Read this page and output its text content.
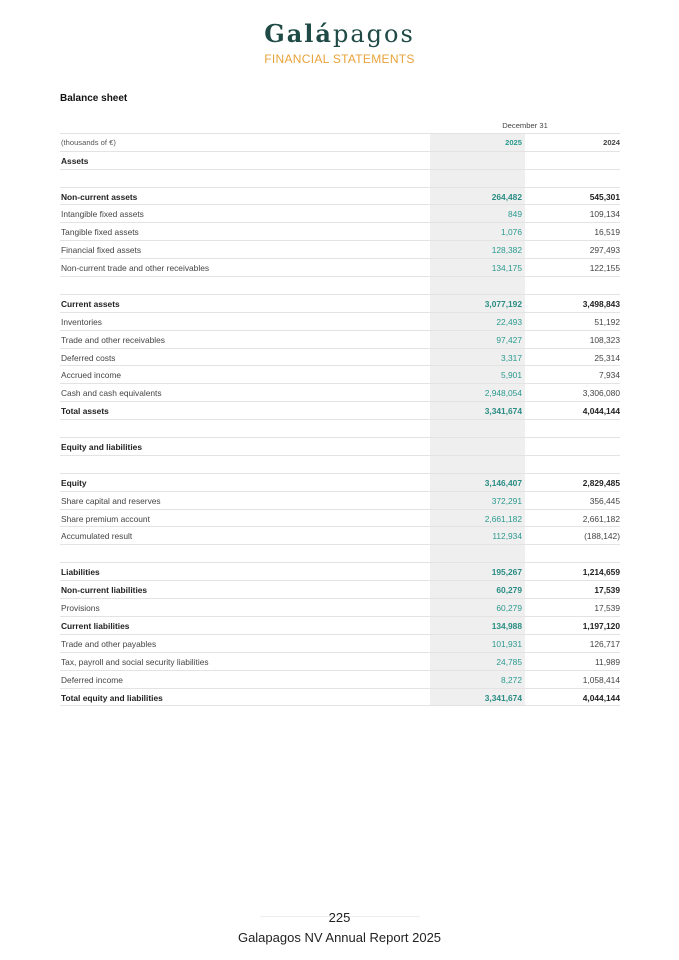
Galápagos
FINANCIAL STATEMENTS
Balance sheet
December 31
(thousands of €)	2025	2024
Assets
Non-current assets	264,482	545,301
Intangible fixed assets	849	109,134
Tangible fixed assets	1,076	16,519
Financial fixed assets	128,382	297,493
Non-current trade and other receivables	134,175	122,155
Current assets	3,077,192	3,498,843
Inventories	22,493	51,192
Trade and other receivables	97,427	108,323
Deferred costs	3,317	25,314
Accrued income	5,901	7,934
Cash and cash equivalents	2,948,054	3,306,080
Total assets	3,341,674	4,044,144
Equity and liabilities
Equity	3,146,407	2,829,485
Share capital and reserves	372,291	356,445
Share premium account	2,661,182	2,661,182
Accumulated result	112,934	(188,142)
Liabilities	195,267	1,214,659
Non-current liabilities	60,279	17,539
Provisions	60,279	17,539
Current liabilities	134,988	1,197,120
Trade and other payables	101,931	126,717
Tax, payroll and social security liabilities	24,785	11,989
Deferred income	8,272	1,058,414
Total equity and liabilities	3,341,674	4,044,144
225
Galapagos NV Annual Report 2025
